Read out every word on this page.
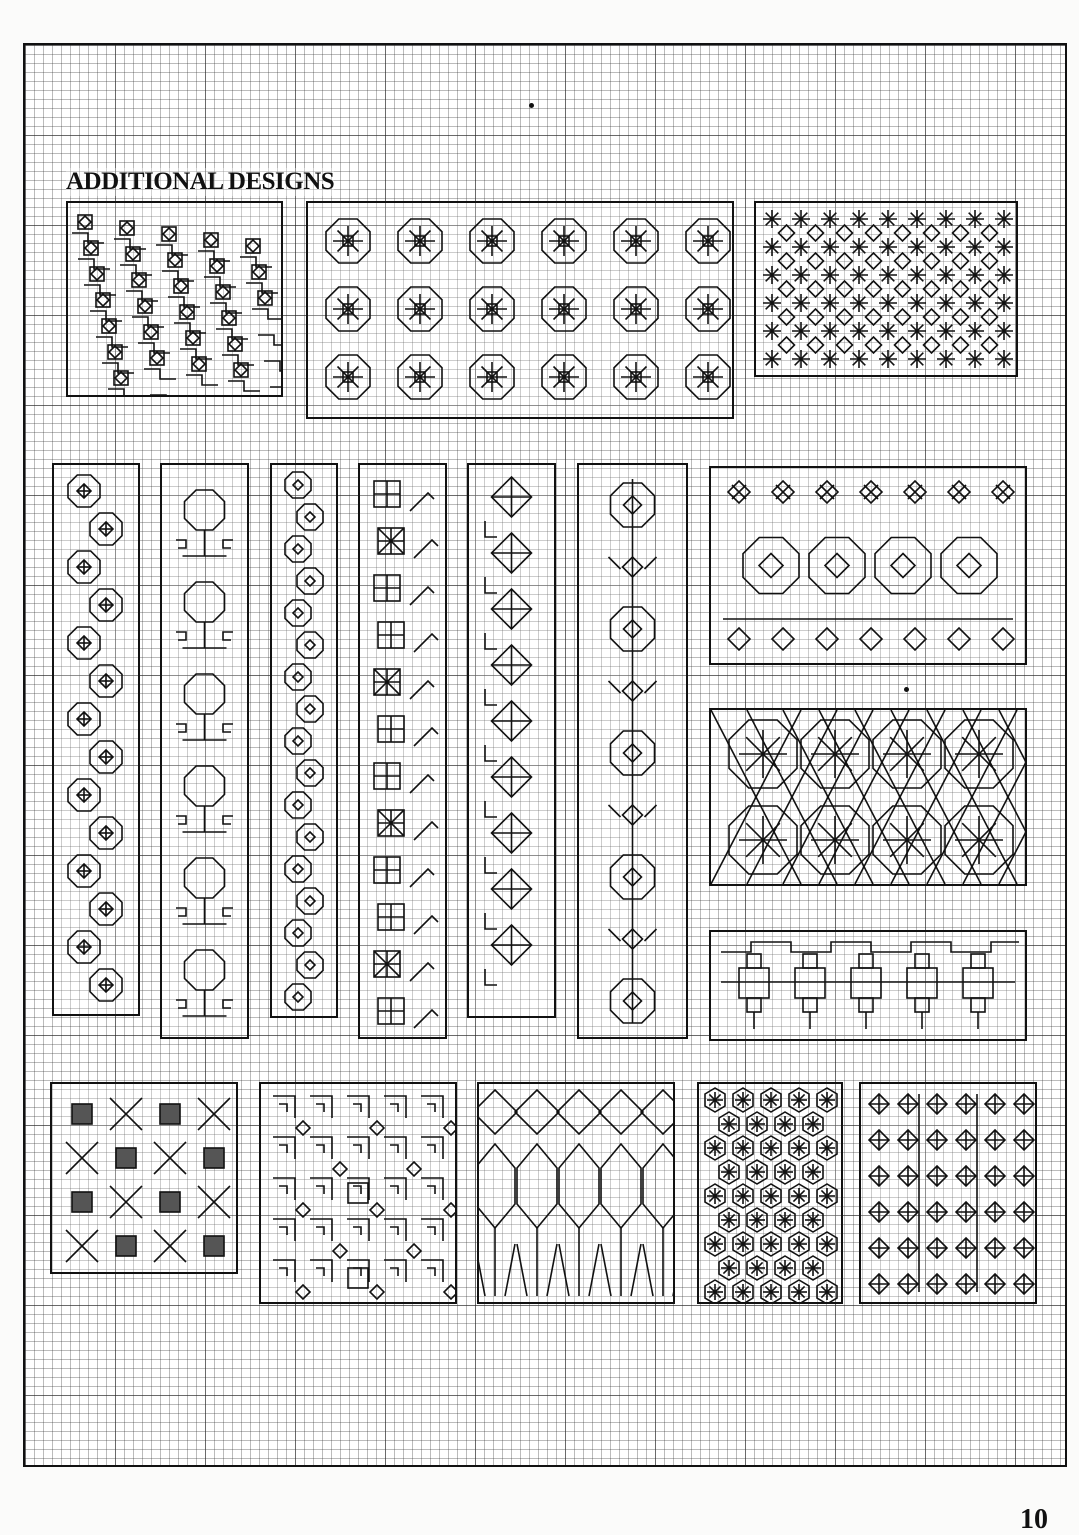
ADDITIONAL DESIGNS
10
